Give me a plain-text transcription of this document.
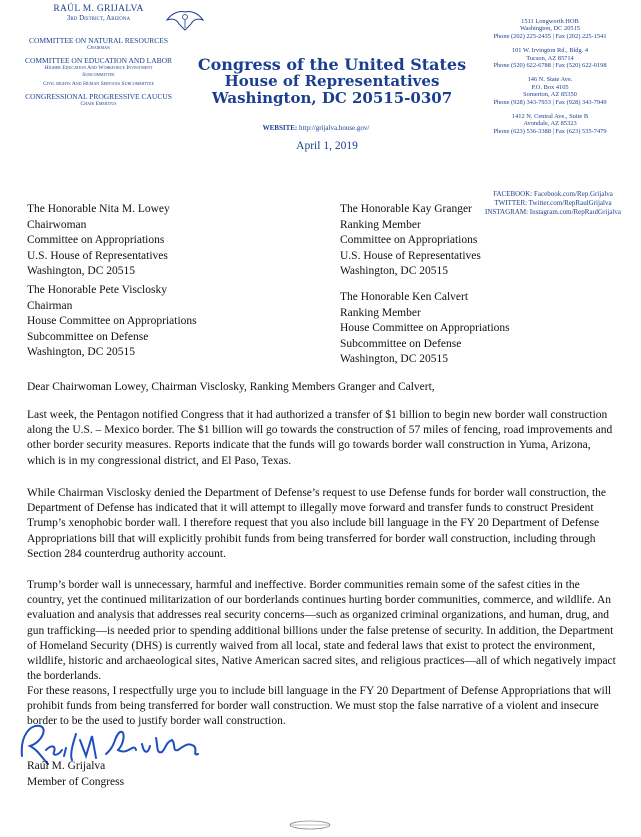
RAÚL M. GRIJALVA
3rd District, Arizona
COMMITTEE ON NATURAL RESOURCES
Chairman
COMMITTEE ON EDUCATION AND LABOR
Higher Education And Workforce Investment
Subcommittee
Civil rights And Human Services Subcommittee
CONGRESSIONAL PROGRESSIVE CAUCUS
Chair Emeritus
Congress of the United States
House of Representatives
Washington, DC 20515-0307
WEBSITE: http://grijalva.house.gov/
April 1, 2019
1511 Longworth HOB
Washington, DC 20515
Phone (202) 225-2435 | Fax (202) 225-1541
101 W. Irvington Rd., Bldg. 4
Tucson, AZ 85714
Phone (520) 622-6788 | Fax (520) 622-0198
146 N. State Ave.
P.O. Box 4105
Somerton, AZ 85350
Phone (928) 343-7933 | Fax (928) 343-7949
1412 N. Central Ave., Suite B
Avondale, AZ 85323
Phone (623) 536-3388 | Fax (623) 535-7479
FACEBOOK: Facebook.com/Rep.Grijalva
TWITTER: Twitter.com/RepRaulGrijalva
INSTAGRAM: Instagram.com/RepRaulGrijalva
The Honorable Nita M. Lowey
Chairwoman
Committee on Appropriations
U.S. House of Representatives
Washington, DC 20515
The Honorable Kay Granger
Ranking Member
Committee on Appropriations
U.S. House of Representatives
Washington, DC 20515
The Honorable Pete Visclosky
Chairman
House Committee on Appropriations
Subcommittee on Defense
Washington, DC 20515
The Honorable Ken Calvert
Ranking Member
House Committee on Appropriations
Subcommittee on Defense
Washington, DC 20515
Dear Chairwoman Lowey, Chairman Visclosky, Ranking Members Granger and Calvert,

Last week, the Pentagon notified Congress that it had authorized a transfer of $1 billion to begin new border wall construction along the U.S. – Mexico border. The $1 billion will go towards the construction of 57 miles of fencing, road improvements and other border security measures. Reports indicate that the funds will go towards border wall construction in Yuma, Arizona, which is in my congressional district, and El Paso, Texas.

While Chairman Visclosky denied the Department of Defense’s request to use Defense funds for border wall construction, the Department of Defense has indicated that it will attempt to illegally move forward and transfer funds to construct President Trump’s xenophobic border wall. I therefore request that you also include bill language in the FY 20 Department of Defense Appropriations bill that will explicitly prohibit funds from being transferred for border wall construction, including through Section 284 counterdrug authority account.

Trump’s border wall is unnecessary, harmful and ineffective. Border communities remain some of the safest cities in the country, yet the continued militarization of our borderlands continues hurting border communities, commerce, and wildlife. An evaluation and analysis that addresses real security concerns—such as organized criminal organizations, and human, drug, and gun trafficking—is needed prior to spending additional billions under the false pretense of security. In addition, the Department of Homeland Security (DHS) is currently waived from all local, state and federal laws that exist to protect the environment, wildlife, historic and archaeological sites, Native American sacred sites, and religious practices—all of which negatively impact the borderlands.

For these reasons, I respectfully urge you to include bill language in the FY 20 Department of Defense Appropriations that will prohibit funds from being transferred for border wall construction. We must stop the false narrative of a violent and insecure border to be the used to justify border wall construction.

Raúl M. Grijalva
Member of Congress
